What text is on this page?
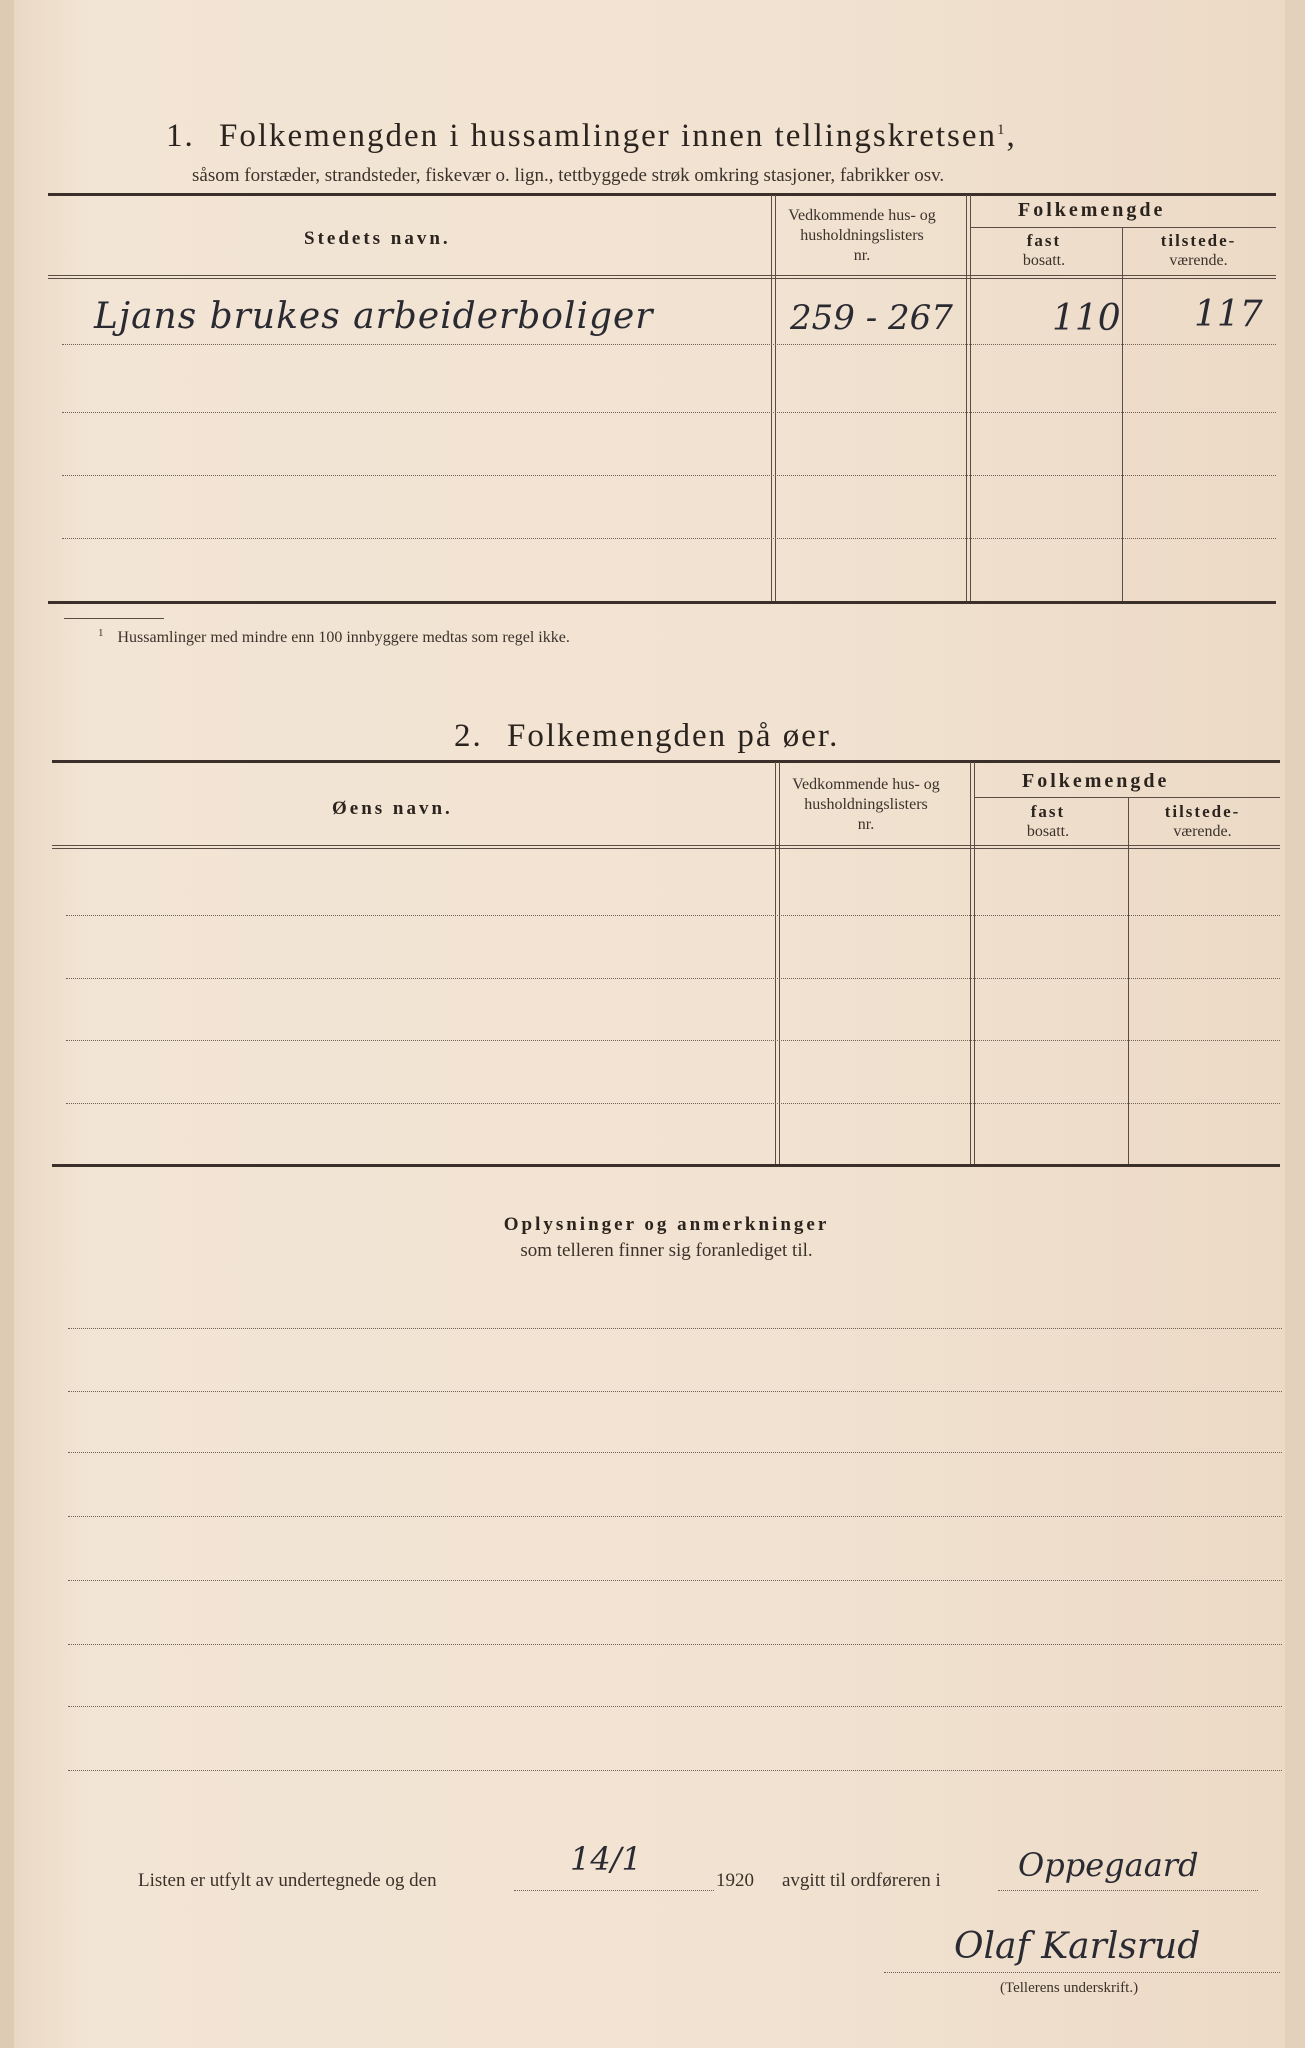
1. Folkemengden i hussamlinger innen tellingskretsen$^1$,
såsom forstæder, strandsteder, fiskevær o. lign., tettbyggede strøk omkring stasjoner, fabrikker osv.
Stedets navn.
Vedkommende hus- og
husholdningslisters
nr.
Folkemengde
fast
bosatt.
tilstede-
værende.
Ljans brukes arbeiderboliger	259 - 267	110 117
$^1$ Hussamlinger med mindre enn 100 innbyggere medtas som regel ikke.
2. Folkemengden på øer.
Øens navn.
Vedkommende hus- og
husholdningslisters
nr.
Folkemengde
fast
bosatt.
tilstede-
værende.
Oplysninger og anmerkninger
som telleren finner sig foranlediget til.
Listen er utfylt av undertegnede og den
14/1
1920 avgitt til ordføreren i Oppegaard
Olaf Karlsrud
(Tellerens underskrift.)
